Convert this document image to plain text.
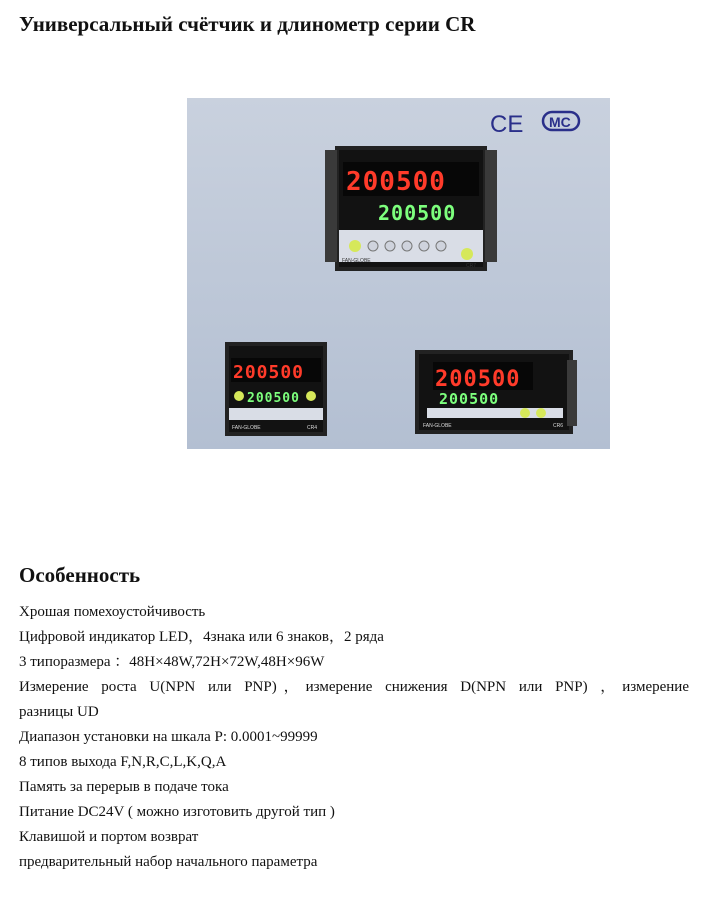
Универсальный счётчик и длинометр серии CR
CE MC
200500
200500
FAN-GLOBE
CR7
200500
200500
FAN-GLOBE	CR4
200500
200500
FAN-GLOBE	CR6
Особенность
Хрошая помехоустойчивость
Цифровой индикатор LED，4знака или 6 знаков，2 ряда
3 типоразмера ：48H×48W,72H×72W,48H×96W
Измерение роста U(NPN или PNP)，измерение снижения D(NPN или PNP) ，измерение
разницы UD
Диапазон установки на шкала P: 0.0001~99999
8 типов выхода F,N,R,C,L,K,Q,A
Память за перерыв в подаче тока
Питание DC24V ( можно изготовить другой тип )
Клавишой и портом возврат
предварительный набор начального параметра
